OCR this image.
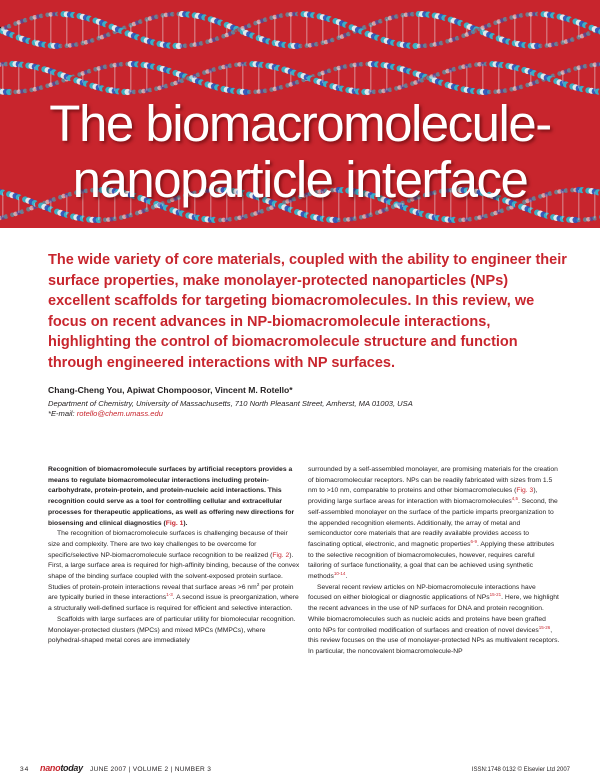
The biomacromolecule-
nanoparticle interface

The wide variety of core materials, coupled with the ability to engineer their surface properties, make monolayer-protected nanoparticles (NPs) excellent scaffolds for targeting biomacromolecules. In this review, we focus on recent advances in NP-biomacromolecule interactions, highlighting the control of biomacromolecule structure and function through engineered interactions with NP surfaces.

Chang-Cheng You, Apiwat Chompoosor, Vincent M. Rotello*
Department of Chemistry, University of Massachusetts, 710 North Pleasant Street, Amherst, MA 01003, USA
*E-mail: rotello@chem.umass.edu

Recognition of biomacromolecule surfaces by artificial receptors provides a means to regulate biomacromolecular interactions including protein-carbohydrate, protein-protein, and protein-nucleic acid interactions. This recognition could serve as a tool for controlling cellular and extracellular processes for therapeutic applications, as well as offering new directions for biosensing and clinical diagnostics (Fig. 1).

The recognition of biomacromolecule surfaces is challenging because of their size and complexity. There are two key challenges to be overcome for specific/selective NP-biomacromolecule surface recognition to be realized (Fig. 2). First, a large surface area is required for high-affinity binding, because of the convex shape of the binding surface coupled with the solvent-exposed protein surface. Studies of protein-protein interactions reveal that surface areas >6 $nm^2$ per protein are typically buried in these interactions$^{1-3}$. A second issue is preorganization, where a structurally well-defined surface is required for efficient and selective interaction.

Scaffolds with large surfaces are of particular utility for biomolecular recognition. Monolayer-protected clusters (MPCs) and mixed MPCs (MMPCs), where polyhedral-shaped metal cores are immediately

surrounded by a self-assembled monolayer, are promising materials for the creation of biomacromolecular receptors. NPs can be readily fabricated with sizes from 1.5 nm to >10 nm, comparable to proteins and other biomacromolecules (Fig. 3), providing large surface areas for interaction with biomacromolecules$^{4,5}$. Second, the self-assembled monolayer on the surface of the particle imparts preorganization to the appended recognition elements. Additionally, the array of metal and semiconductor core materials that are readily available provides access to fascinating optical, electronic, and magnetic properties$^{6-9}$. Applying these attributes to the selective recognition of biomacromolecules, however, requires careful tailoring of surface functionality, a goal that can be achieved using synthetic methods$^{10-14}$.

Several recent review articles on NP-biomacromolecule interactions have focused on either biological or diagnostic applications of NPs$^{15-21}$. Here, we highlight the recent advances in the use of NP surfaces for DNA and protein recognition. While biomacromolecules such as nucleic acids and proteins have been grafted onto NPs for controlled modification of surfaces and creation of novel devices$^{15-26}$, this review focuses on the use of monolayer-protected NPs as multivalent receptors. In particular, the noncovalent biomacromolecule-NP

34 nanotoday JUNE 2007 | VOLUME 2 | NUMBER 3	ISSN:1748 0132 © Elsevier Ltd 2007
